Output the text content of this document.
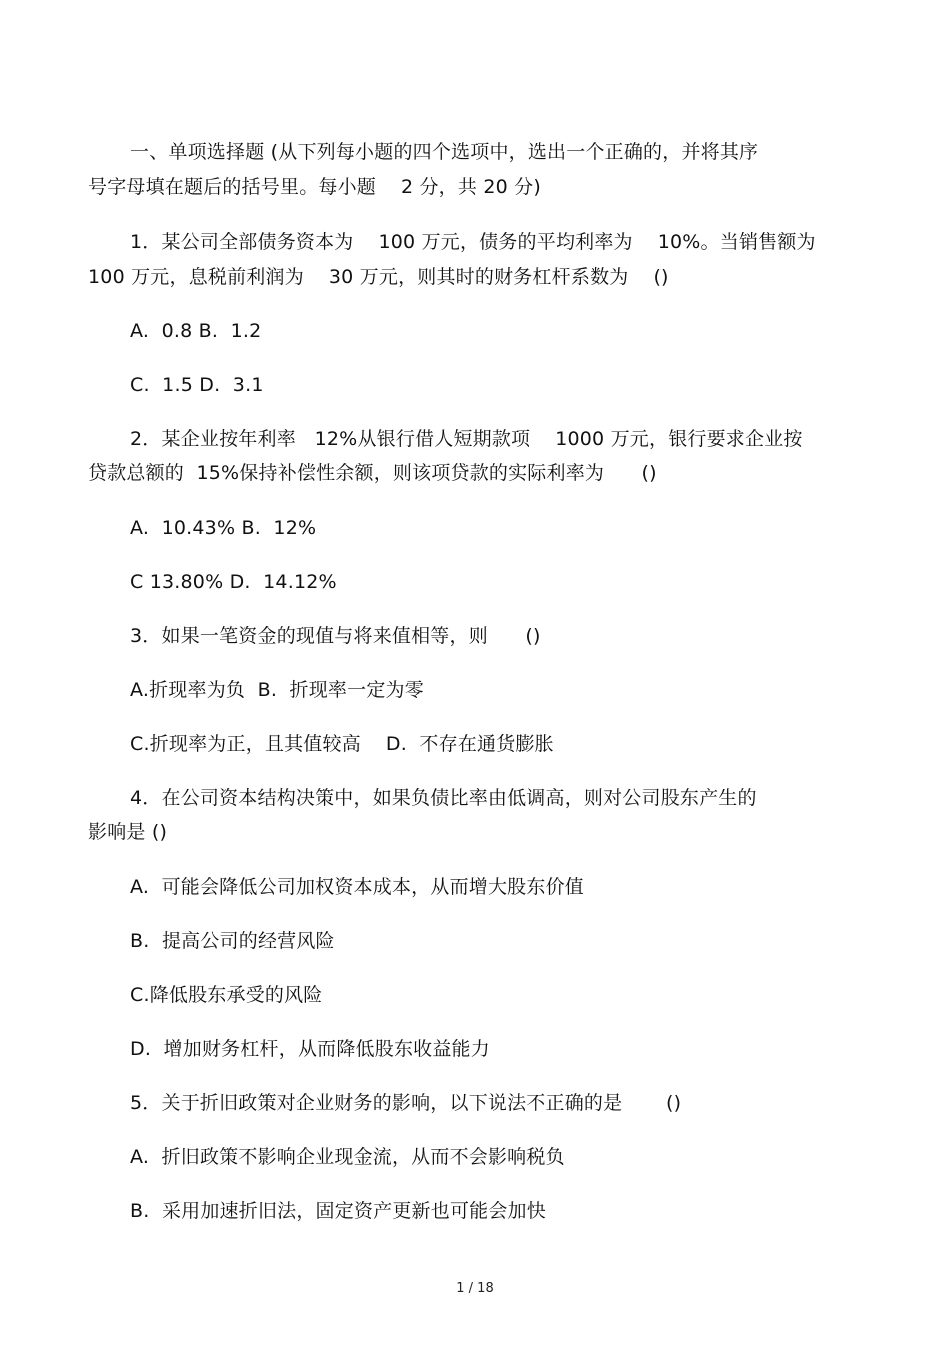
一、单项选择题 (从下列每小题的四个选项中，选出一个正确的，并将其序
号字母填在题后的括号里。每小题    2 分，共 20 分)
1．某公司全部债务资本为    100 万元，债务的平均利率为    10%。当销售额为
100 万元，息税前利润为    30 万元，则其时的财务杠杆系数为    ()
A.  0.8 B.  1.2
C.  1.5 D.  3.1
2．某企业按年利率   12%从银行借人短期款项    1000 万元，银行要求企业按
贷款总额的  15%保持补偿性余额，则该项贷款的实际利率为      ()
A.  10.43% B.  12%
C 13.80% D.  14.12%
3．如果一笔资金的现值与将来值相等，则      ()
A.折现率为负  B.  折现率一定为零
C.折现率为正，且其值较高    D.  不存在通货膨胀
4．在公司资本结构决策中，如果负债比率由低调高，则对公司股东产生的
影响是 ()
A.  可能会降低公司加权资本成本，从而增大股东价值
B.  提高公司的经营风险
C.降低股东承受的风险
D.  增加财务杠杆，从而降低股东收益能力
5．关于折旧政策对企业财务的影响，以下说法不正确的是       ()
A.  折旧政策不影响企业现金流，从而不会影响税负
B.  采用加速折旧法，固定资产更新也可能会加快
1 / 18
